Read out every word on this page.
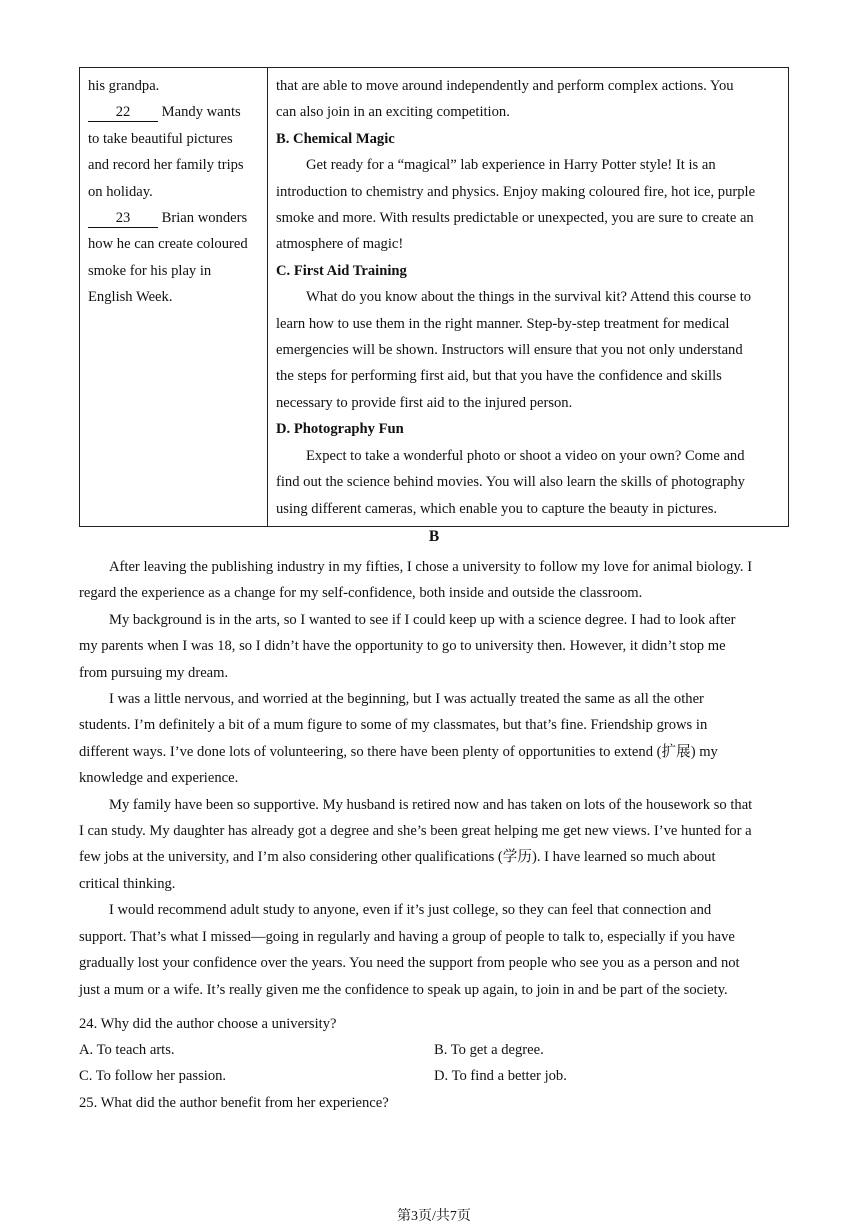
his grandpa.
22 Mandy wants
to take beautiful pictures
and record her family trips
on holiday.
23 Brian wonders
how he can create coloured
smoke for his play in
English Week.
that are able to move around independently and perform complex actions. You
can also join in an exciting competition.
B. Chemical Magic
Get ready for a “magical” lab experience in Harry Potter style! It is an
introduction to chemistry and physics. Enjoy making coloured fire, hot ice, purple
smoke and more. With results predictable or unexpected, you are sure to create an
atmosphere of magic!
C. First Aid Training
What do you know about the things in the survival kit? Attend this course to
learn how to use them in the right manner. Step-by-step treatment for medical
emergencies will be shown. Instructors will ensure that you not only understand
the steps for performing first aid, but that you have the confidence and skills
necessary to provide first aid to the injured person.
D. Photography Fun
Expect to take a wonderful photo or shoot a video on your own? Come and
find out the science behind movies. You will also learn the skills of photography
using different cameras, which enable you to capture the beauty in pictures.
B
After leaving the publishing industry in my fifties, I chose a university to follow my love for animal biology. I
regard the experience as a change for my self-confidence, both inside and outside the classroom.
My background is in the arts, so I wanted to see if I could keep up with a science degree. I had to look after
my parents when I was 18, so I didn’t have the opportunity to go to university then. However, it didn’t stop me
from pursuing my dream.
I was a little nervous, and worried at the beginning, but I was actually treated the same as all the other
students. I’m definitely a bit of a mum figure to some of my classmates, but that’s fine. Friendship grows in
different ways. I’ve done lots of volunteering, so there have been plenty of opportunities to extend (扩展) my
knowledge and experience.
My family have been so supportive. My husband is retired now and has taken on lots of the housework so that
I can study. My daughter has already got a degree and she’s been great helping me get new views. I’ve hunted for a
few jobs at the university, and I’m also considering other qualifications (学历). I have learned so much about
critical thinking.
I would recommend adult study to anyone, even if it’s just college, so they can feel that connection and
support. That’s what I missed—going in regularly and having a group of people to talk to, especially if you have
gradually lost your confidence over the years. You need the support from people who see you as a person and not
just a mum or a wife. It’s really given me the confidence to speak up again, to join in and be part of the society.
24. Why did the author choose a university?
A. To teach arts.	B. To get a degree.
C. To follow her passion.	D. To find a better job.
25. What did the author benefit from her experience?
第3页/共7页
